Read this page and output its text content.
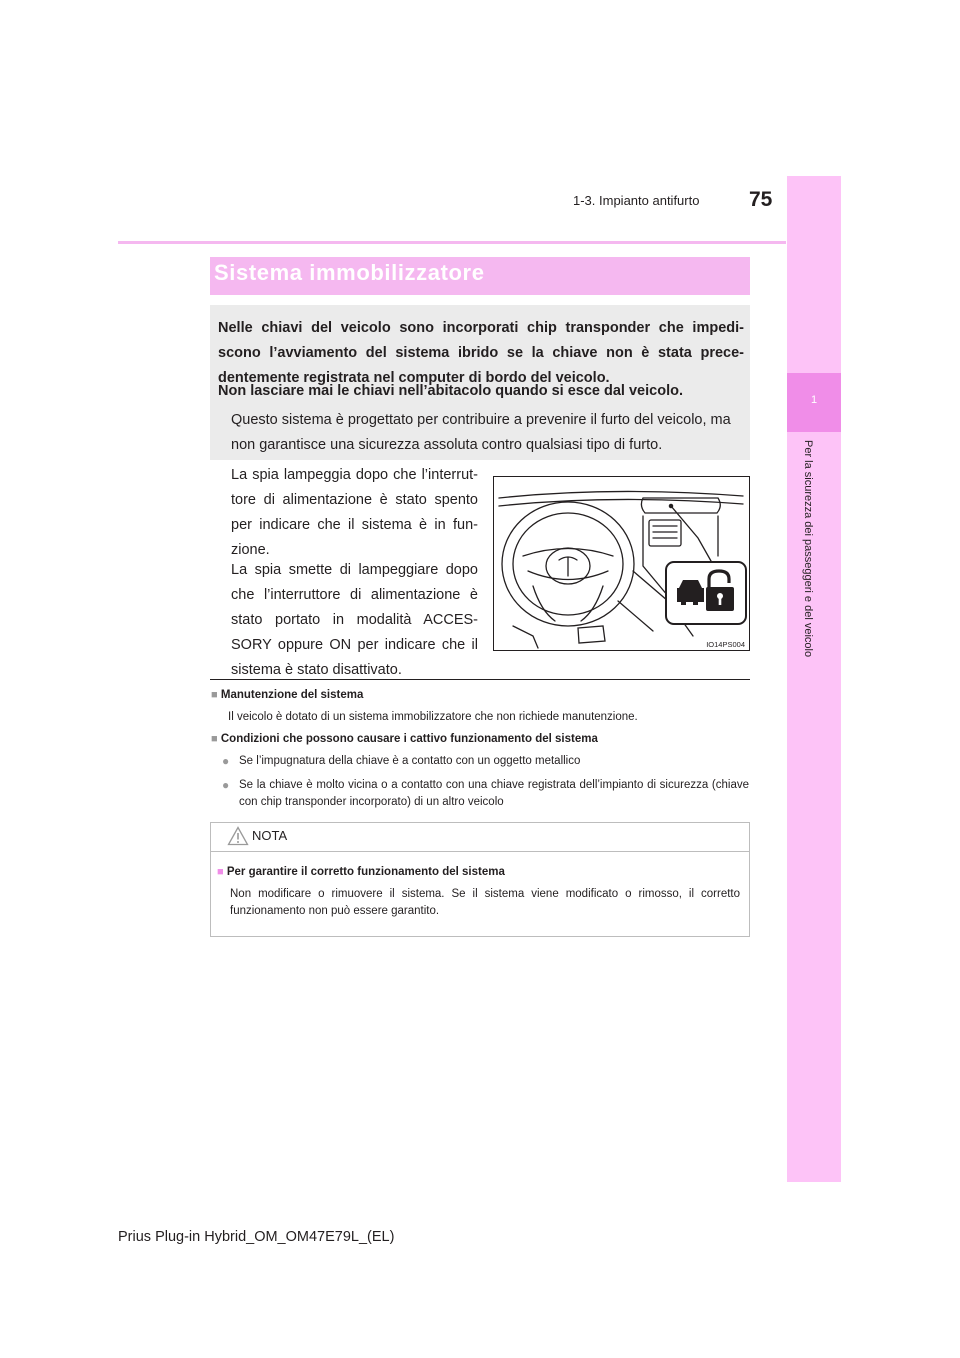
1-3. Impianto antifurto 75
1
Per la sicurezza dei passeggeri e del veicolo
Sistema immobilizzatore
Nelle chiavi del veicolo sono incorporati chip transponder che impedi-scono l’avviamento del sistema ibrido se la chiave non è stata prece-dentemente registrata nel computer di bordo del veicolo.
Non lasciare mai le chiavi nell’abitacolo quando si esce dal veicolo.
Questo sistema è progettato per contribuire a prevenire il furto del veicolo, ma non garantisce una sicurezza assoluta contro qualsiasi tipo di furto.
La spia lampeggia dopo che l’interrut-tore di alimentazione è stato spento per indicare che il sistema è in fun-zione.
La spia smette di lampeggiare dopo che l’interruttore di alimentazione è stato portato in modalità ACCES-SORY oppure ON per indicare che il sistema è stato disattivato.
IO14PS004
■ Manutenzione del sistema
Il veicolo è dotato di un sistema immobilizzatore che non richiede manutenzione.
■ Condizioni che possono causare i cattivo funzionamento del sistema
● Se l’impugnatura della chiave è a contatto con un oggetto metallico
● Se la chiave è molto vicina o a contatto con una chiave registrata dell’impianto di sicurezza (chiave con chip transponder incorporato) di un altro veicolo
NOTA
■ Per garantire il corretto funzionamento del sistema
Non modificare o rimuovere il sistema. Se il sistema viene modificato o rimosso, il corretto funzionamento non può essere garantito.
Prius Plug-in Hybrid_OM_OM47E79L_(EL)
